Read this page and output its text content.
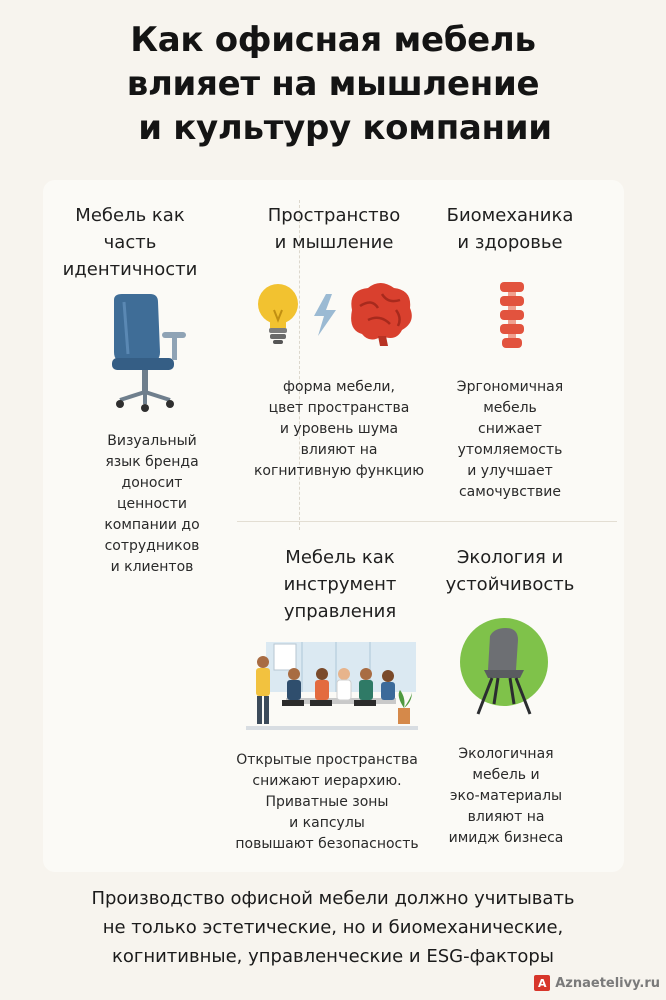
Как офисная мебель
влияет на мышление
и культуру компании
Мебель как
часть
идентичности

Визуальный
язык бренда
доносит
ценности
компании до
сотрудников
и клиентов

Пространство
и мышление

форма мебели,
цвет пространства
и уровень шума
влияют на
когнитивную функцию

Биомеханика
и здоровье

Эргономичная
мебель
снижает
утомляемость
и улучшает
самочувствие

Мебель как
инструмент
управления

Открытые пространства
снижают иерархию.
Приватные зоны
и капсулы
повышают безопасность

Экология и
устойчивость

Экологичная
мебель и
эко-материалы
влияют на
имидж бизнеса

Производство офисной мебели должно учитывать
не только эстетические, но и биомеханические,
когнитивные, управленческие и ESG-факторы

A Aznaetelivy.ru
